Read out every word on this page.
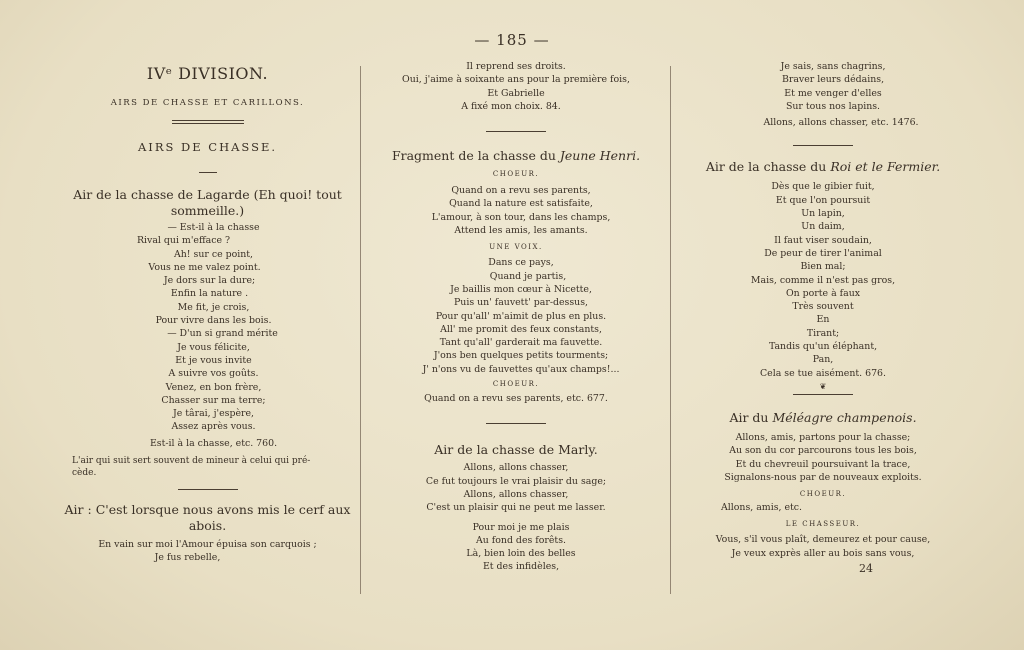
— 185 —
IVᵉ DIVISION.
AIRS DE CHASSE ET CARILLONS.
AIRS DE CHASSE.
Air de la chasse de Lagarde (Eh quoi! tout
sommeille.)
— Est-il à la chasse
Rival qui m'efface ?
Ah! sur ce point,
Vous ne me valez point.
Je dors sur la dure;
Enfin la nature .
Me fit, je crois,
Pour vivre dans les bois.
— D'un si grand mérite
Je vous félicite,
Et je vous invite
A suivre vos goûts.
Venez, en bon frère,
Chasser sur ma terre;
Je târai, j'espère,
Assez après vous.
Est-il à la chasse, etc. 760.
L'air qui suit sert souvent de mineur à celui qui pré-
cède.
Air : C'est lorsque nous avons mis le cerf aux
abois.
En vain sur moi l'Amour épuisa son carquois ;
Je fus rebelle,
Il reprend ses droits.
Oui, j'aime à soixante ans pour la première fois,
Et Gabrielle
A fixé mon choix. 84.
Fragment de la chasse du Jeune Henri.
CHOEUR.
Quand on a revu ses parents,
Quand la nature est satisfaite,
L'amour, à son tour, dans les champs,
Attend les amis, les amants.
UNE VOIX.
Dans ce pays,
Quand je partis,
Je baillis mon cœur à Nicette,
Puis un' fauvett' par-dessus,
Pour qu'all' m'aimit de plus en plus.
All' me promit des feux constants,
Tant qu'all' garderait ma fauvette.
J'ons ben quelques petits tourments;
J' n'ons vu de fauvettes qu'aux champs!...
CHOEUR.
Quand on a revu ses parents, etc. 677.
Air de la chasse de Marly.
Allons, allons chasser,
Ce fut toujours le vrai plaisir du sage;
Allons, allons chasser,
C'est un plaisir qui ne peut me lasser.
Pour moi je me plais
Au fond des forêts.
Là, bien loin des belles
Et des infidèles,
Je sais, sans chagrins,
Braver leurs dédains,
Et me venger d'elles
Sur tous nos lapins.
Allons, allons chasser, etc. 1476.
Air de la chasse du Roi et le Fermier.
Dès que le gibier fuit,
Et que l'on poursuit
Un lapin,
Un daim,
Il faut viser soudain,
De peur de tirer l'animal
Bien mal;
Mais, comme il n'est pas gros,
On porte à faux
Très souvent
En
Tirant;
Tandis qu'un éléphant,
Pan,
Cela se tue aisément. 676.
❦
Air du Méléagre champenois.
Allons, amis, partons pour la chasse;
Au son du cor parcourons tous les bois,
Et du chevreuil poursuivant la trace,
Signalons-nous par de nouveaux exploits.
CHOEUR.
Allons, amis, etc.
LE CHASSEUR.
Vous, s'il vous plaît, demeurez et pour cause,
Je veux exprès aller au bois sans vous,
24
